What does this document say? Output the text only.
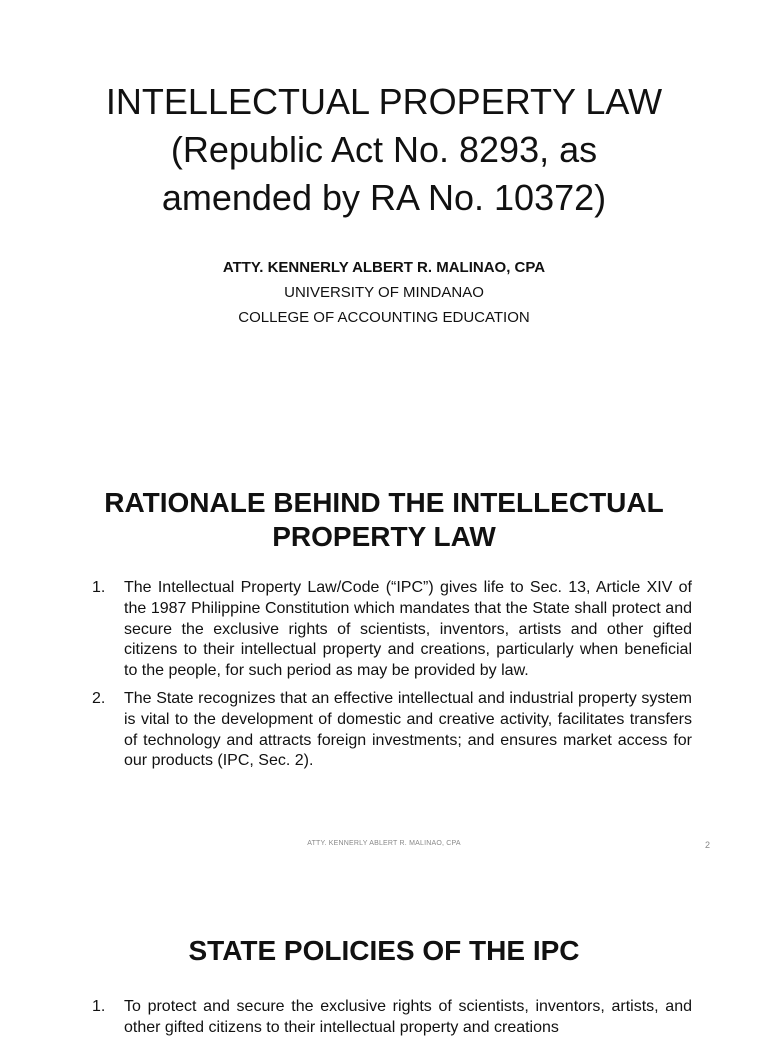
INTELLECTUAL PROPERTY LAW
(Republic Act No. 8293, as
amended by RA No. 10372)
ATTY. KENNERLY ALBERT R. MALINAO, CPA
UNIVERSITY OF MINDANAO
COLLEGE OF ACCOUNTING EDUCATION
RATIONALE BEHIND THE INTELLECTUAL
PROPERTY LAW
1. The Intellectual Property Law/Code (“IPC”) gives life to Sec. 13, Article XIV of the 1987 Philippine Constitution which mandates that the State shall protect and secure the exclusive rights of scientists, inventors, artists and other gifted citizens to their intellectual property and creations, particularly when beneficial to the people, for such period as may be provided by law.
2. The State recognizes that an effective intellectual and industrial property system is vital to the development of domestic and creative activity, facilitates transfers of technology and attracts foreign investments; and ensures market access for our products (IPC, Sec. 2).
ATTY. KENNERLY ABLERT R. MALINAO, CPA	2
STATE POLICIES OF THE IPC
1. To protect and secure the exclusive rights of scientists, inventors, artists, and other gifted citizens to their intellectual property and creations
